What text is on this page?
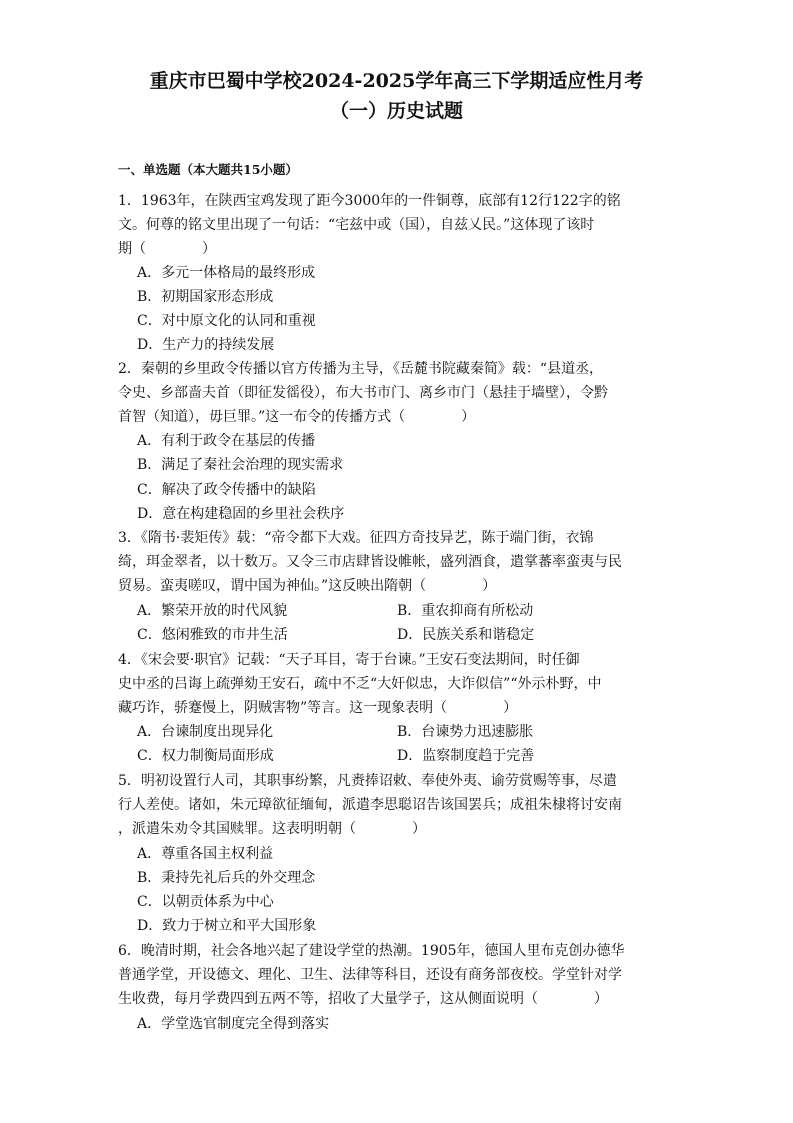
重庆市巴蜀中学校2024-2025学年高三下学期适应性月考
（一）历史试题
一、单选题（本大题共15小题）
1．1963年，在陕西宝鸡发现了距今3000年的一件铜尊，底部有12行122字的铭
文。何尊的铭文里出现了一句话：“宅兹中或（国），自兹乂民。”这体现了该时
期（　　　　）
A．多元一体格局的最终形成
B．初期国家形态形成
C．对中原文化的认同和重视
D．生产力的持续发展
2．秦朝的乡里政令传播以官方传播为主导，《岳麓书院藏秦简》载：“县道丞，
令史、乡部啬夫首（即征发徭役），布大书市门、离乡市门（悬挂于墙壁），令黔
首智（知道），毋巨罪。”这一布令的传播方式（　　　　）
A．有利于政令在基层的传播
B．满足了秦社会治理的现实需求
C．解决了政令传播中的缺陷
D．意在构建稳固的乡里社会秩序
3．《隋书·裴矩传》载：“帝令都下大戏。征四方奇技异艺，陈于端门街，衣锦
绮，珥金翠者，以十数万。又令三市店肆皆设帷帐，盛列酒食，遣掌蕃率蛮夷与民
贸易。蛮夷嗟叹，谓中国为神仙。”这反映出隋朝（　　　　）
A．繁荣开放的时代风貌	B．重农抑商有所松动
C．悠闲雅致的市井生活	D．民族关系和谐稳定
4．《宋会要·职官》记载：“天子耳目，寄于台谏。”王安石变法期间，时任御
史中丞的吕诲上疏弹劾王安石，疏中不乏“大奸似忠，大诈似信”“外示朴野，中
藏巧诈，骄蹇慢上，阴贼害物”等言。这一现象表明（　　　　）
A．台谏制度出现异化	B．台谏势力迅速膨胀
C．权力制衡局面形成	D．监察制度趋于完善
5．明初设置行人司，其职事纷繁，凡赉捧诏敕、奉使外夷、谕劳赏赐等事，尽遣
行人差使。诸如，朱元璋欲征缅甸，派遣李思聪诏告该国罢兵；成祖朱棣将讨安南
，派遣朱劝令其国赎罪。这表明明朝（　　　　）
A．尊重各国主权利益
B．秉持先礼后兵的外交理念
C．以朝贡体系为中心
D．致力于树立和平大国形象
6．晚清时期，社会各地兴起了建设学堂的热潮。1905年，德国人里布克创办德华
普通学堂，开设德文、理化、卫生、法律等科目，还设有商务部夜校。学堂针对学
生收费，每月学费四到五两不等，招收了大量学子，这从侧面说明（　　　　）
A．学堂选官制度完全得到落实
